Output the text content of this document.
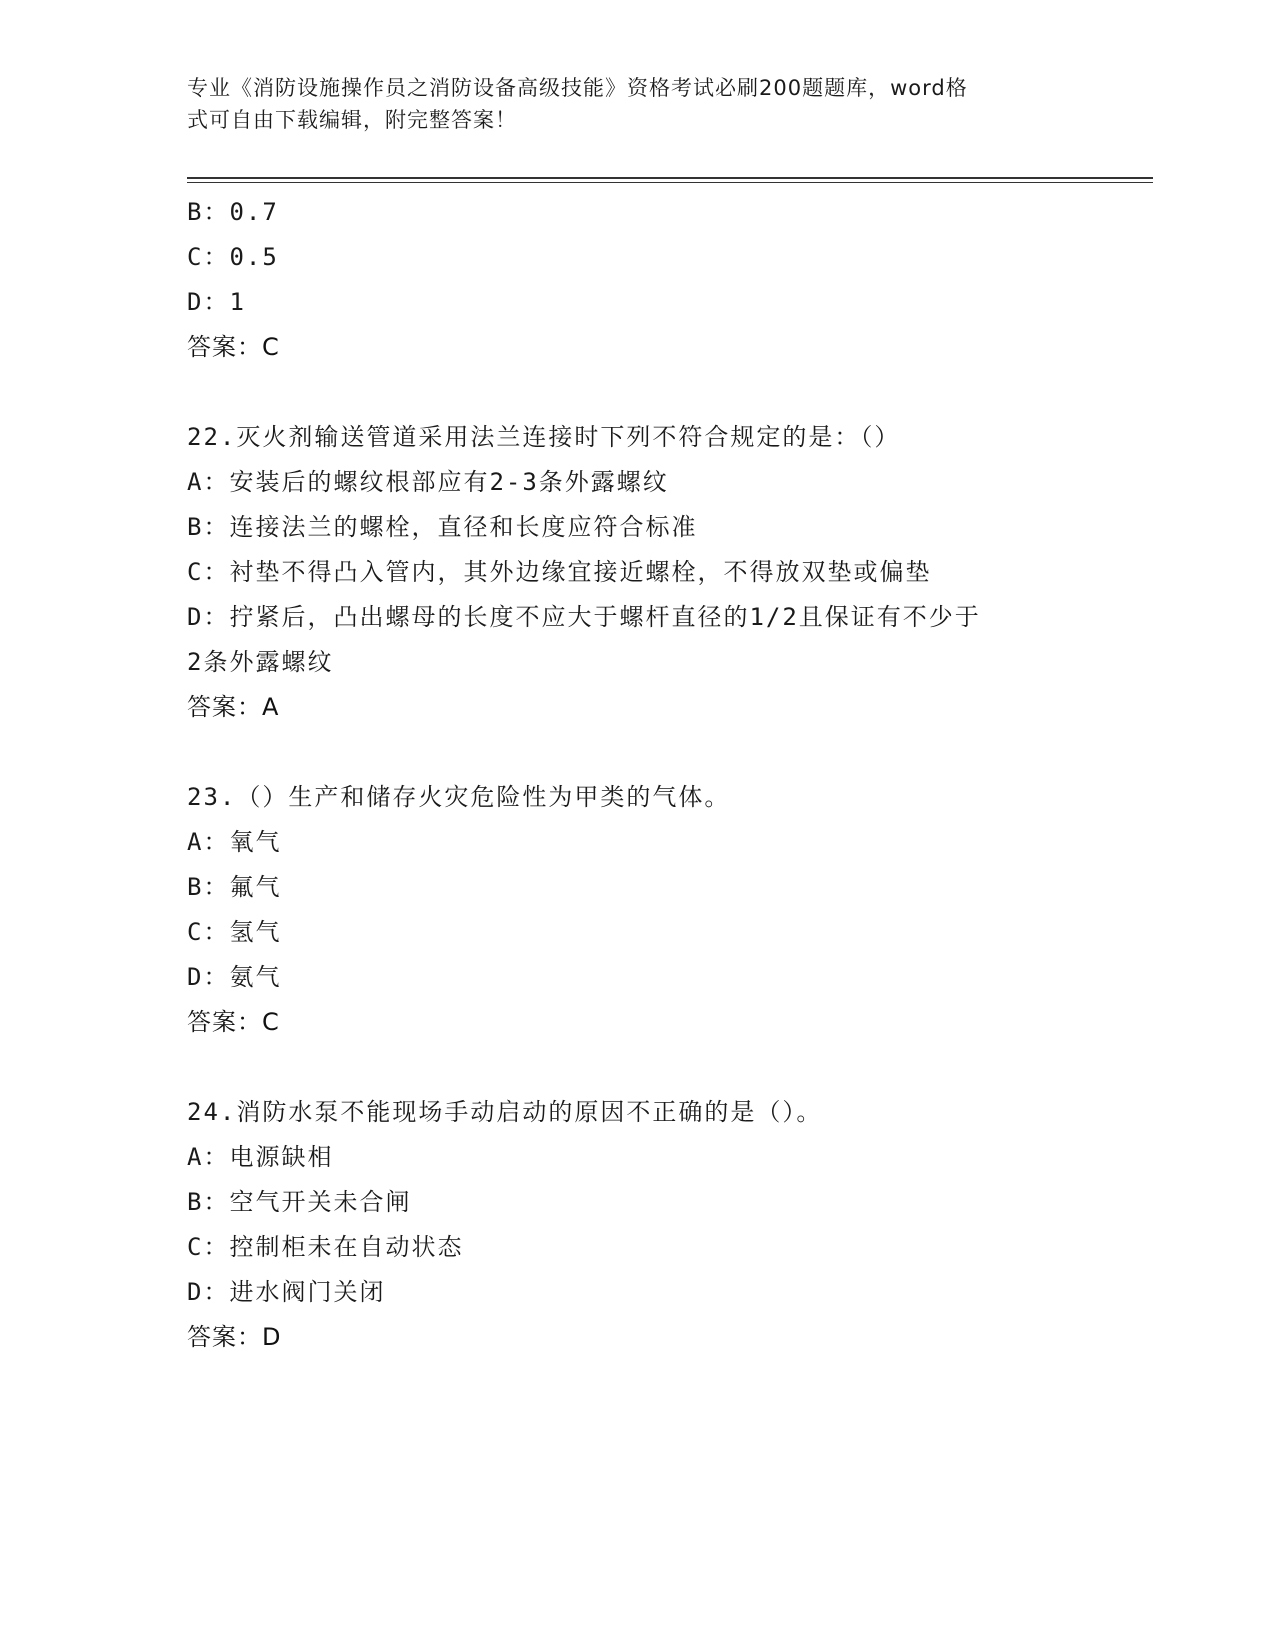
专业《消防设施操作员之消防设备高级技能》资格考试必刷200题题库，word格
式可自由下载编辑，附完整答案！
B：0.7
C：0.5
D：1
答案：C
22.灭火剂输送管道采用法兰连接时下列不符合规定的是：（）
A：安装后的螺纹根部应有2-3条外露螺纹
B：连接法兰的螺栓，直径和长度应符合标准
C：衬垫不得凸入管内，其外边缘宜接近螺栓，不得放双垫或偏垫
D：拧紧后，凸出螺母的长度不应大于螺杆直径的1/2且保证有不少于
2条外露螺纹
答案：A
23.（）生产和储存火灾危险性为甲类的气体。
A：氧气
B：氟气
C：氢气
D：氨气
答案：C
24.消防水泵不能现场手动启动的原因不正确的是（）。
A：电源缺相
B：空气开关未合闸
C：控制柜未在自动状态
D：进水阀门关闭
答案：D
